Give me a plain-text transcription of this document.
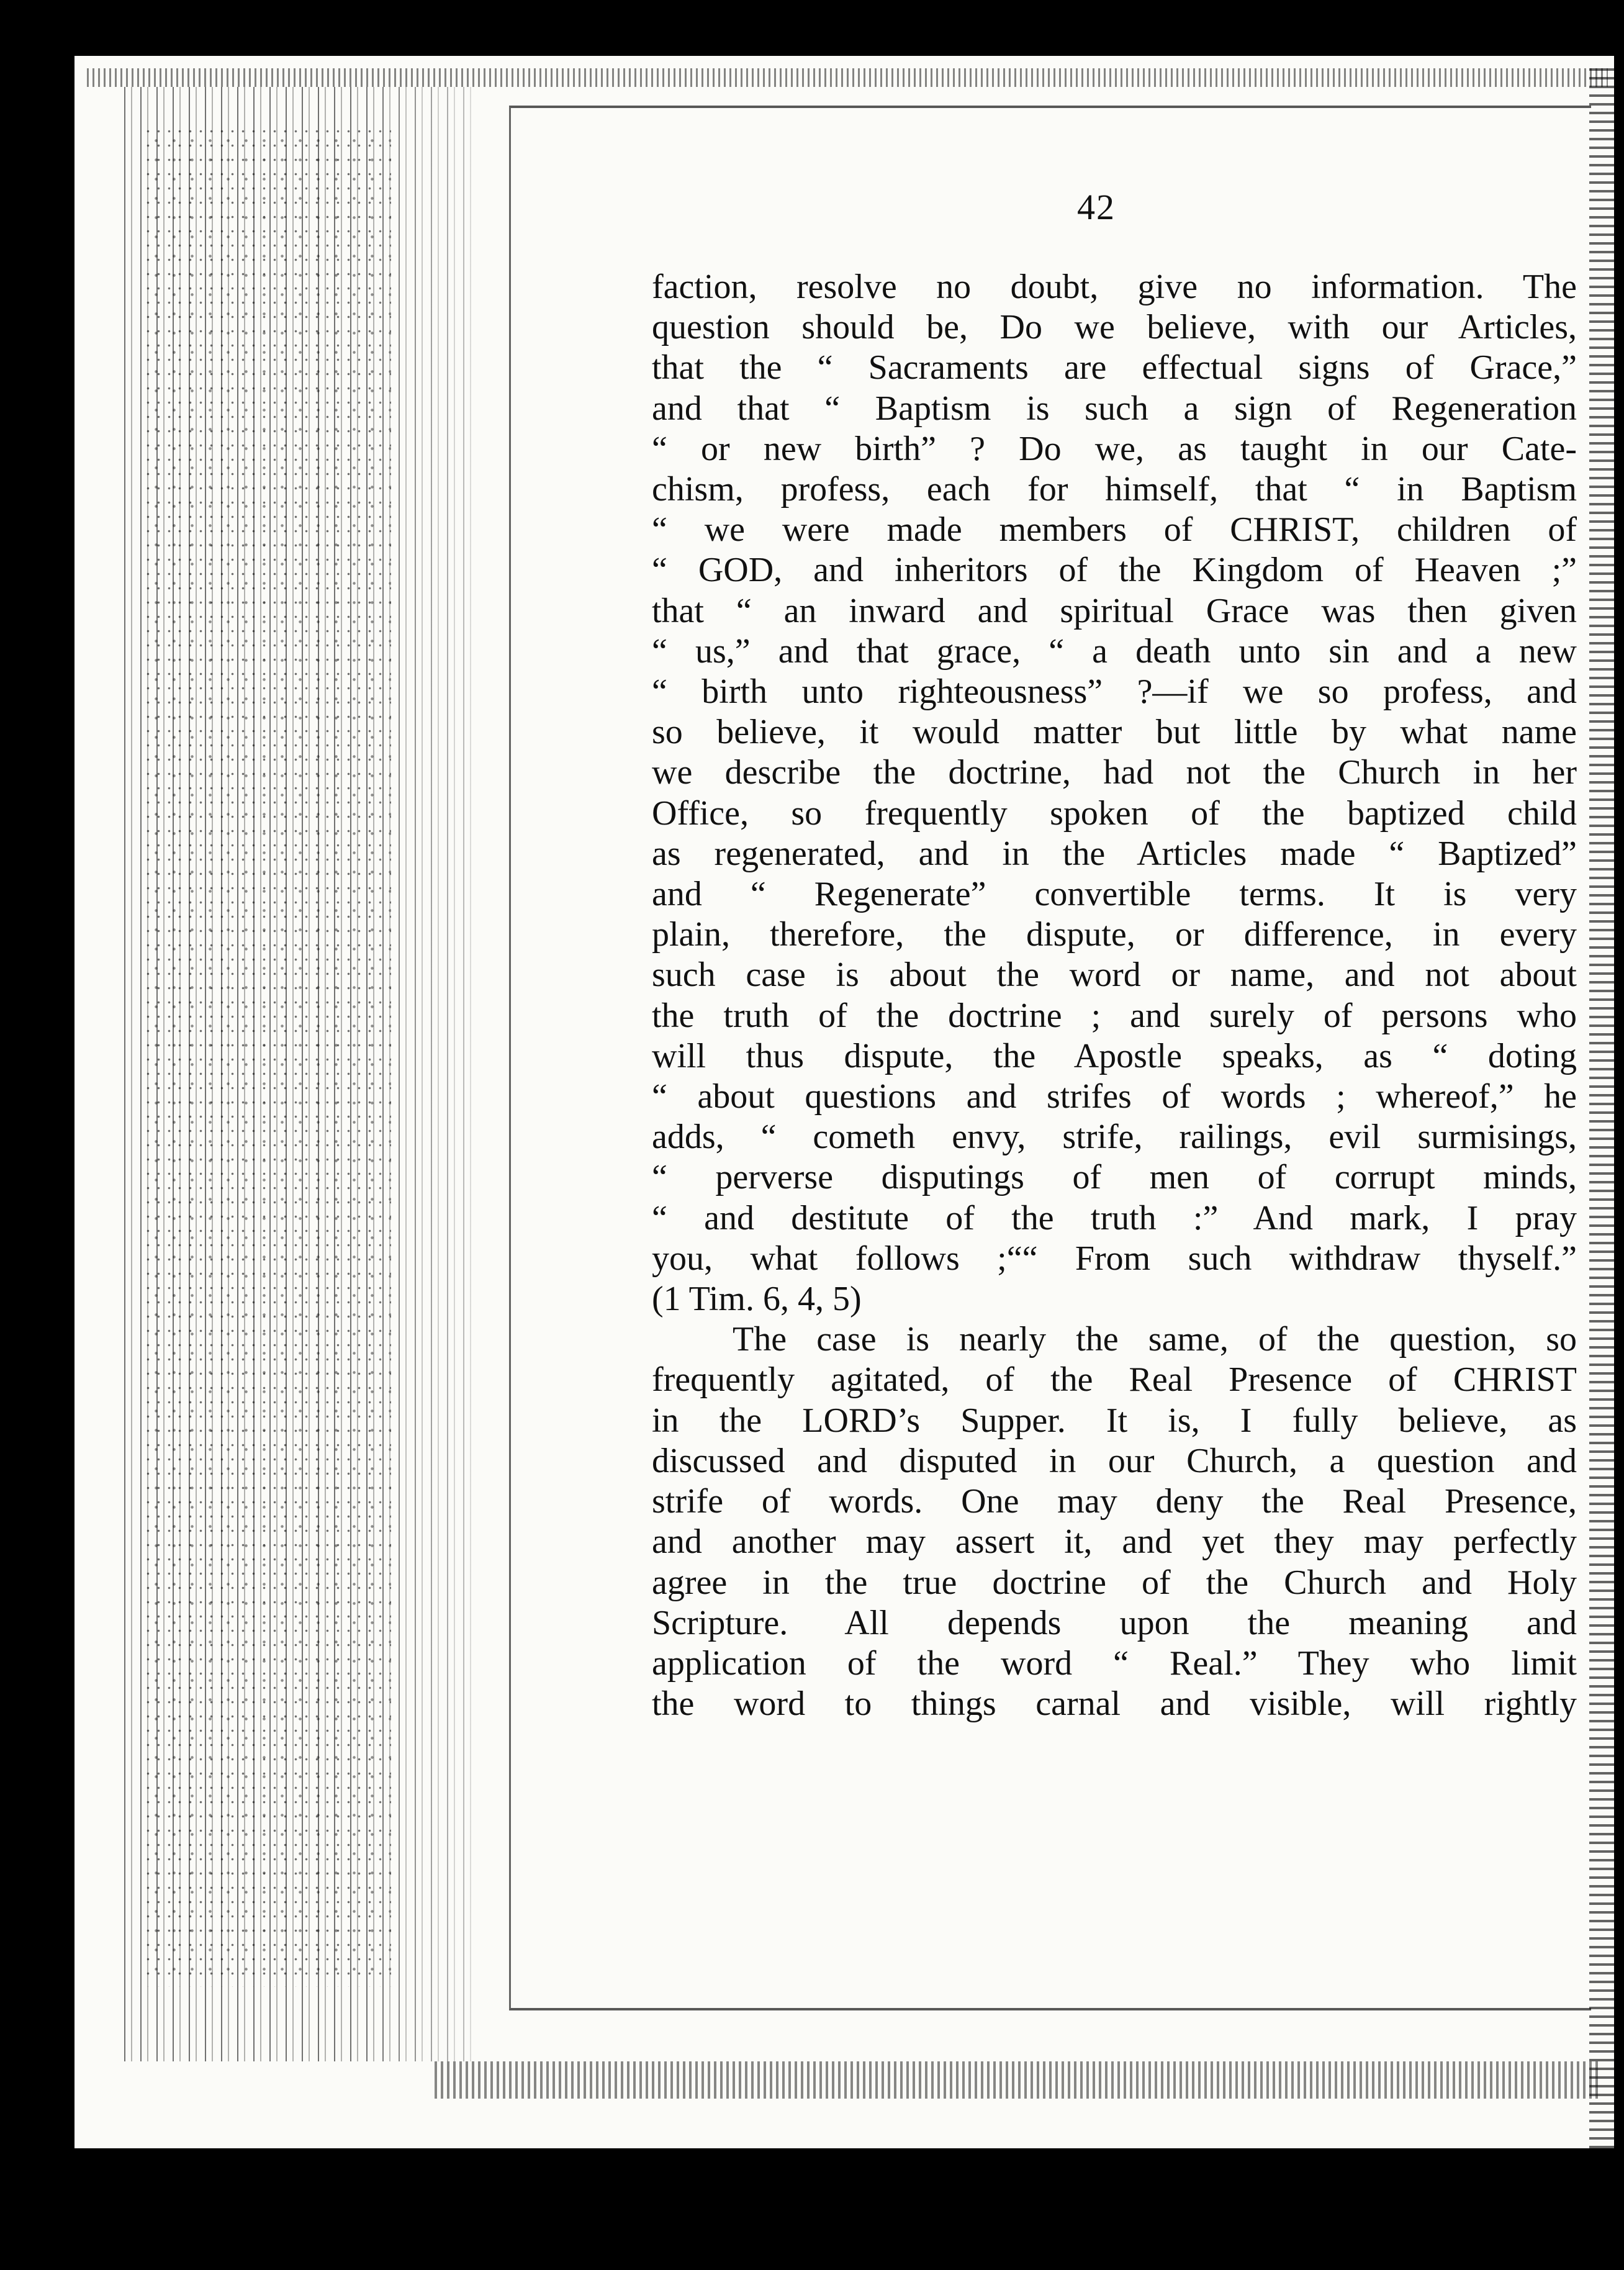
42

faction, resolve no doubt, give no information. The

question should be, Do we believe, with our Articles,

that the “ Sacraments are effectual signs of Grace,”

and that “ Baptism is such a sign of Regeneration

“ or new birth” ? Do we, as taught in our Cate-

chism, profess, each for himself, that “ in Baptism

“ we were made members of CHRIST, children of

“ GOD, and inheritors of the Kingdom of Heaven ;”

that “ an inward and spiritual Grace was then given

“ us,” and that grace, “ a death unto sin and a new

“ birth unto righteousness” ?—if we so profess, and

so believe, it would matter but little by what name

we describe the doctrine, had not the Church in her

Office, so frequently spoken of the baptized child

as regenerated, and in the Articles made “ Baptized”

and “ Regenerate” convertible terms. It is very

plain, therefore, the dispute, or difference, in every

such case is about the word or name, and not about

the truth of the doctrine ; and surely of persons who

will thus dispute, the Apostle speaks, as “ doting

“ about questions and strifes of words ; whereof,” he

adds, “ cometh envy, strife, railings, evil surmisings,

“ perverse disputings of men of corrupt minds,

“ and destitute of the truth :” And mark, I pray

you, what follows ;““ From such withdraw thyself.”

(1 Tim. 6, 4, 5)

The case is nearly the same, of the question, so

frequently agitated, of the Real Presence of CHRIST

in the LORD’s Supper. It is, I fully believe, as

discussed and disputed in our Church, a question and

strife of words. One may deny the Real Presence,

and another may assert it, and yet they may perfectly

agree in the true doctrine of the Church and Holy

Scripture. All depends upon the meaning and

application of the word “ Real.” They who limit

the word to things carnal and visible, will rightly
